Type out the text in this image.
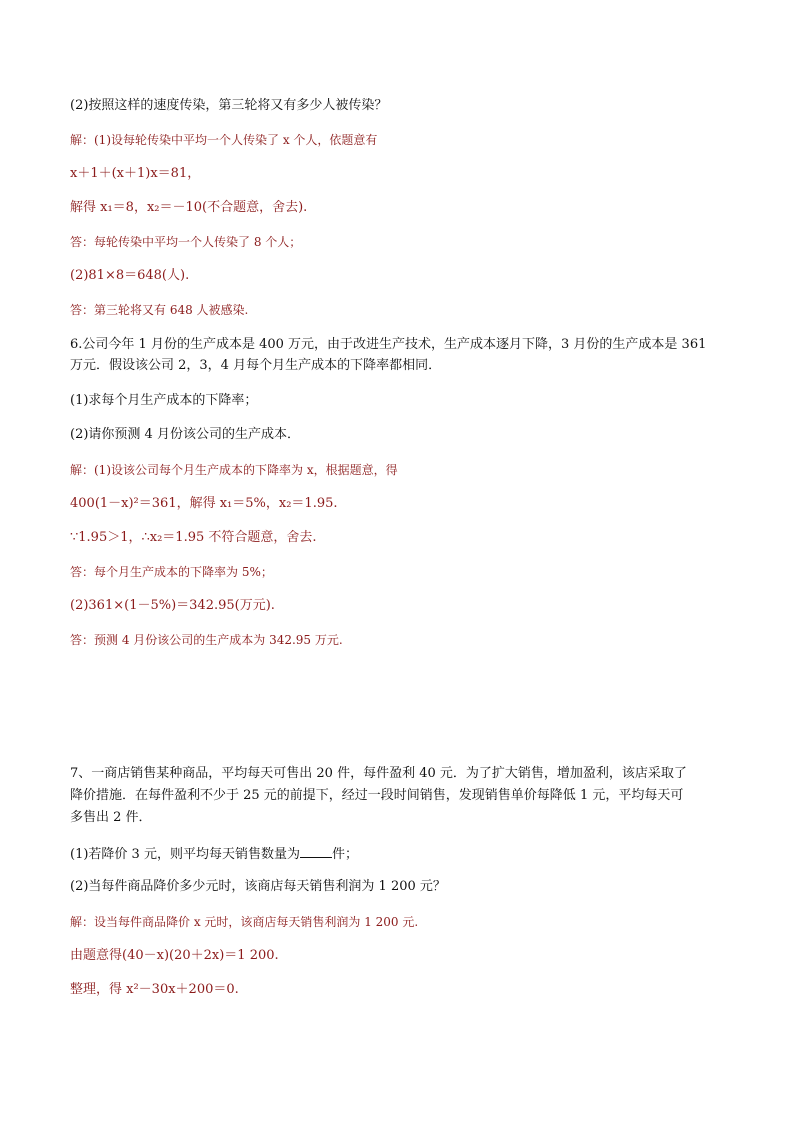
(2)按照这样的速度传染，第三轮将又有多少人被传染？
解：(1)设每轮传染中平均一个人传染了 x 个人，依题意有
x＋1＋(x＋1)x＝81，
解得 x₁＝8，x₂＝－10(不合题意，舍去).
答：每轮传染中平均一个人传染了 8 个人；
(2)81×8＝648(人).
答：第三轮将又有 648 人被感染.
6.公司今年 1 月份的生产成本是 400 万元，由于改进生产技术，生产成本逐月下降，3 月份的生产成本是 361
万元．假设该公司 2，3，4 月每个月生产成本的下降率都相同．
(1)求每个月生产成本的下降率；
(2)请你预测 4 月份该公司的生产成本．
解：(1)设该公司每个月生产成本的下降率为 x，根据题意，得
400(1－x)²＝361，解得 x₁＝5%，x₂＝1.95.
∵1.95＞1，∴x₂＝1.95 不符合题意，舍去.
答：每个月生产成本的下降率为 5%；
(2)361×(1－5%)＝342.95(万元).
答：预测 4 月份该公司的生产成本为 342.95 万元.
7、一商店销售某种商品，平均每天可售出 20 件，每件盈利 40 元．为了扩大销售，增加盈利，该店采取了
降价措施．在每件盈利不少于 25 元的前提下，经过一段时间销售，发现销售单价每降低 1 元，平均每天可
多售出 2 件．
(1)若降价 3 元，则平均每天销售数量为 件；
(2)当每件商品降价多少元时，该商店每天销售利润为 1 200 元？
解：设当每件商品降价 x 元时，该商店每天销售利润为 1 200 元.
由题意得(40－x)(20＋2x)＝1 200.
整理，得 x²－30x＋200＝0.
